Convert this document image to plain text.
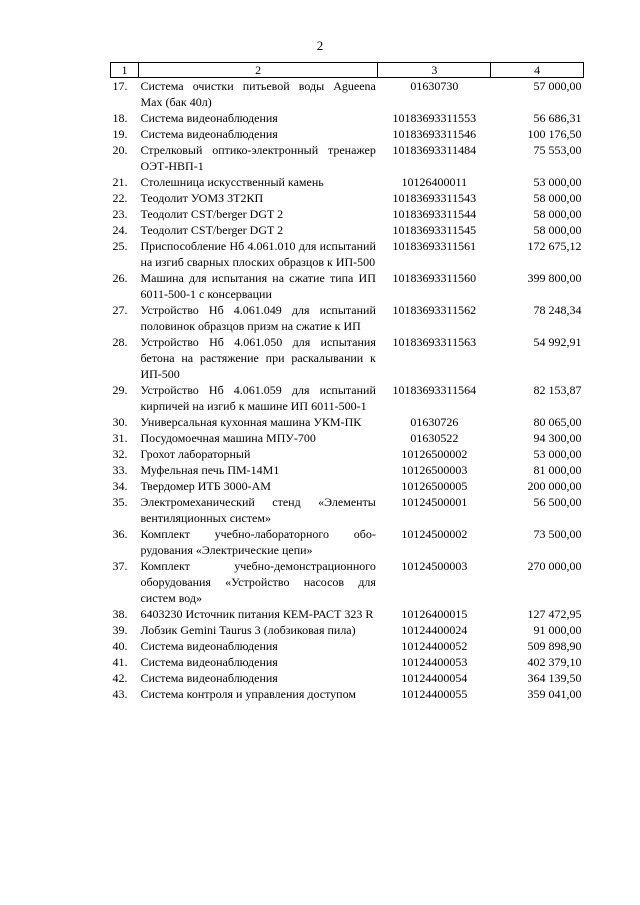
2
1	2	3	4
17.	Система очистки питьевой воды Agueena Max (бак 40л)	01630730	57 000,00
18.	Система видеонаблюдения	10183693311553	56 686,31
19.	Система видеонаблюдения	10183693311546	100 176,50
20.	Стрелковый оптико-электронный тренажер ОЭТ-НВП-1	10183693311484	75 553,00
21.	Столешница искусственный камень	10126400011	53 000,00
22.	Теодолит УОМЗ 3Т2КП	10183693311543	58 000,00
23.	Теодолит CST/berger DGT 2	10183693311544	58 000,00
24.	Теодолит CST/berger DGT 2	10183693311545	58 000,00
25.	Приспособление Нб 4.061.010 для испытаний на изгиб сварных плоских образцов к ИП-500	10183693311561	172 675,12
26.	Машина для испытания на сжатие типа ИП 6011-500-1 с консервации	10183693311560	399 800,00
27.	Устройство Нб 4.061.049 для испытаний половинок образцов призм на сжатие к ИП	10183693311562	78 248,34
28.	Устройство Нб 4.061.050 для испытания бетона на растяжение при раскалывании к ИП-500	10183693311563	54 992,91
29.	Устройство Нб 4.061.059 для испытаний кирпичей на изгиб к машине ИП 6011-500-1	10183693311564	82 153,87
30.	Универсальная кухонная машина УКМ-ПК	01630726	80 065,00
31.	Посудомоечная машина МПУ-700	01630522	94 300,00
32.	Грохот лабораторный	10126500002	53 000,00
33.	Муфельная печь ПМ-14М1	10126500003	81 000,00
34.	Твердомер ИТБ 3000-АМ	10126500005	200 000,00
35.	Электромеханический стенд «Элементы вентиляционных систем»	10124500001	56 500,00
36.	Комплект учебно-лабораторного оборудования «Электрические цепи»	10124500002	73 500,00
37.	Комплект учебно-демонстрационного оборудования «Устройство насосов для систем вод»	10124500003	270 000,00
38.	6403230 Источник питания КЕМ-РАСТ 323 R	10126400015	127 472,95
39.	Лобзик Gemini Taurus 3 (лобзиковая пила)	10124400024	91 000,00
40.	Система видеонаблюдения	10124400052	509 898,90
41.	Система видеонаблюдения	10124400053	402 379,10
42.	Система видеонаблюдения	10124400054	364 139,50
43.	Система контроля и управления доступом	10124400055	359 041,00
